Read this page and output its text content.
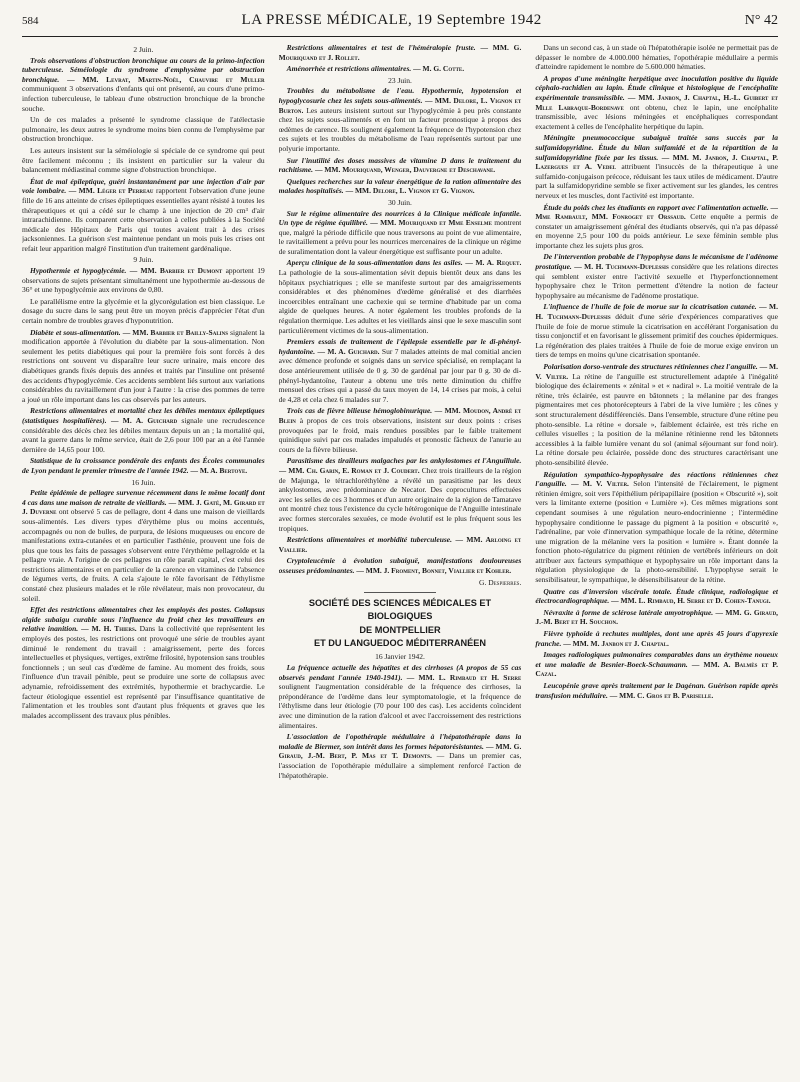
584	LA PRESSE MÉDICALE, 19 Septembre 1942	N° 42
2 Juin.

Trois observations d'obstruction bronchique au cours de la primo-infection tuberculeuse. Séméiologie du syndrome d'emphysème par obstruction bronchique. — MM. Levrat, Martin-Noël, Chauvire et Muller communiquent 3 observations d'enfants qui ont présenté, au cours d'une primo-infection tuberculeuse, le tableau d'une obstruction bronchique de la bronche souche.

Un de ces malades a présenté le syndrome classique de l'atélectasie pulmonaire, les deux autres le syndrome moins bien connu de l'emphysème par obstruction bronchique.

Les auteurs insistent sur la séméiologie si spéciale de ce syndrome qui peut être facilement méconnu ; ils insistent en particulier sur la valeur du balancement médiastinal comme signe d'obstruction bronchique.

État de mal épileptique, guéri instantanément par une injection d'air par voie lombaire. — MM. Léger et Perreau rapportent l'observation d'une jeune fille de 16 ans atteinte de crises épileptiques essentielles ayant résisté à toutes les thérapeutiques et qui a cédé sur le champ à une injection de 20 cm³ d'air intrarachidienne. Ils comparent cette observation à celles publiées à la Société médicale des Hôpitaux de Paris qui toutes avaient trait à des crises jacksoniennes. La guérison s'est maintenue pendant un mois puis les crises ont refait leur apparition malgré l'institution d'un traitement gardénalique.

9 Juin.

Hypothermie et hypoglycémie. — MM. Barbier et Dumont apportent 19 observations de sujets présentant simultanément une hypothermie au-dessous de 36° et une hypoglycémie aux environs de 0,80.

Le parallélisme entre la glycémie et la glycorégulation est bien classique. Le dosage du sucre dans le sang peut être un moyen précis d'apprécier l'état d'un certain nombre de troubles graves d'hyponutrition.

Diabète et sous-alimentation. — MM. Barbier et Bailly-Salins signalent la modification apportée à l'évolution du diabète par la sous-alimentation. Non seulement les petits diabétiques qui pour la première fois sont forcés à des restrictions ont souvent vu disparaître leur sucre urinaire, mais encore des diabétiques grands fixés depuis des années et traités par l'insuline ont présenté des accidents d'hypoglycémie. Ces accidents semblent liés surtout aux variations considérables du ravitaillement d'un jour à l'autre : la crise des pommes de terre a joué un rôle important dans les cas observés par les auteurs.

Restrictions alimentaires et mortalité chez les débiles mentaux épileptiques (statistiques hospitalières). — M. A. Guichard signale une recrudescence considérable des décès chez les débiles mentaux depuis un an ; la mortalité qui, avant la guerre dans le même service, était de 2,6 pour 100 par an a été l'année dernière de 14,65 pour 100.

Statistique de la croissance pondérale des enfants des Écoles communales de Lyon pendant le premier trimestre de l'année 1942. — M. A. Bertoye.

16 Juin.

Petite épidémie de pellagre survenue récemment dans le même locatif dont 4 cas dans une maison de retraite de vieillards. — MM. J. Gaté, M. Girard et J. Duverne ont observé 5 cas de pellagre, dont 4 dans une maison de vieillards sous-alimentés. Les divers types d'érythème plus ou moins accentués, accompagnés ou non de bulles, de purpura, de lésions muqueuses ou encore de manifestations extra-cutanées et en particulier l'asthénie, prouvent une fois de plus que tous les faits de passages s'observent entre l'érythème pellagroïde et la pellagre vraie. A l'origine de ces pellagres un rôle paraît capital, c'est celui des restrictions alimentaires et en particulier de la carence en vitamines de l'absence de légumes verts, de fruits. A cela s'ajoute le rôle favorisant de l'éthylisme constaté chez plusieurs malades et le rôle révélateur, mais non provocateur, du soleil.

Effet des restrictions alimentaires chez les employés des postes. Collapsus algide subaigu curable sous l'influence du froid chez les travailleurs en relative inanition. — M. H. Thiers. Dans la collectivité que représentent les employés des postes, les restrictions ont provoqué une série de troubles ayant diminué le rendement du travail : amaigrissement, perte des forces intellectuelles et physiques, vertiges, extrême frilosité, hypotension sans troubles fonctionnels ; un seul cas d'œdème de famine. Au moment des froids, sous l'influence d'un travail pénible, peut se produire une sorte de collapsus avec adynamie, refroidissement des extrémités, hypothermie et brachycardie. Le facteur étiologique essentiel est représenté par l'insuffisance quantitative de l'alimentation et les troubles sont d'autant plus fréquents et graves que les malades accomplissent des travaux plus pénibles.

Restrictions alimentaires et test de l'héméralopie fruste. — MM. G. Mouriquand et J. Rollet.

Aménorrhée et restrictions alimentaires. — M. G. Cotte.

23 Juin.

Troubles du métabolisme de l'eau. Hypothermie, hypotension et hypoglycosurie chez les sujets sous-alimentés. — MM. Delore, L. Vignon et Burton. Les auteurs insistent surtout sur l'hypoglycémie à peu près constante chez les sujets sous-alimentés et en font un facteur pronostique à propos des œdèmes de carence. Ils soulignent également la fréquence de l'hypotension chez ces sujets et les troubles du métabolisme de l'eau représentés surtout par une polyurie importante.

Sur l'inutilité des doses massives de vitamine D dans le traitement du rachitisme. — MM. Mouriquand, Wenger, Dauvergne et Deschavane.

Quelques recherches sur la valeur énergétique de la ration alimentaire des malades hospitalisés. — MM. Delore, L. Vignon et G. Vignon.

30 Juin.

Sur le régime alimentaire des nourrices à la Clinique médicale infantile. Un type de régime équilibré. — MM. Mouriquand et Mme Enselme montrent que, malgré la période difficile que nous traversons au point de vue alimentaire, le ravitaillement a prévu pour les nourrices mercenaires de la clinique un régime de suralimentation dont la valeur énergétique est suffisante pour un adulte.

Aperçu clinique de la sous-alimentation dans les asiles. — M. A. Requet. La pathologie de la sous-alimentation sévit depuis bientôt deux ans dans les hôpitaux psychiatriques ; elle se manifeste surtout par des amaigrissements considérables et des phénomènes d'œdème généralisé et des diarrhées incoercibles entraînant une cachexie qui se termine d'habitude par un coma algide de quelques heures. A noter également les troubles profonds de la régulation thermique. Les adultes et les vieillards ainsi que le sexe masculin sont particulièrement victimes de la sous-alimentation.

Premiers essais de traitement de l'épilepsie essentielle par le di-phényl-hydantoïne. — M. A. Guichard. Sur 7 malades atteints de mal comitial ancien avec démence profonde et soignés dans un service spécialisé, en remplaçant la dose antérieurement utilisée de 0 g. 30 de gardénal par jour par 0 g. 30 de di-phényl-hydantoïne, l'auteur a obtenu une très nette diminution du chiffre mensuel des crises qui a passé du taux moyen de 14, 14 crises par mois, à celui de 4,28 et cela chez 6 malades sur 7.

Trois cas de fièvre bilieuse hémoglobinurique. — MM. Moudon, André et Blein à propos de ces trois observations, insistent sur deux points : crises provoquées par le froid, mais rendues possibles par le faible traitement quinidique suivi par ces malades impaludés et pronostic fâcheux de l'anurie au cours de la fièvre bilieuse.

Parasitisme des tirailleurs malgaches par les ankylostomes et l'Anguillule. — MM. Ch. Garin, E. Roman et J. Coudert. Chez trois tirailleurs de la région de Majunga, le tétrachloréthylène a révélé un parasitisme par les deux ankylostomes, avec prédominance de Necator. Des coprocultures effectuées avec les selles de ces 3 hommes et d'un autre originaire de la région de Tamatave ont montré chez tous l'existence du cycle hétérogonique de l'Anguille intestinale avec formes stercorales sexuées, ce mode évolutif est le plus fréquent sous les tropiques.

Restrictions alimentaires et morbidité tuberculeuse. — MM. Arloing et Viallier.

Cryptoleucémie à évolution subaiguë, manifestations douloureuses osseuses prédominantes. — MM. J. Froment, Bonnet, Viallier et Kohler.

G. Despierres.
SOCIÉTÉ DES SCIENCES MÉDICALES ET BIOLOGIQUES
DE MONTPELLIER
ET DU LANGUEDOC MÉDITERRANÉEN
16 Janvier 1942.

La fréquence actuelle des hépatites et des cirrhoses (A propos de 55 cas observés pendant l'année 1940-1941). — MM. L. Rimbaud et H. Serre soulignent l'augmentation considérable de la fréquence des cirrhoses, la prépondérance de l'œdème dans leur symptomatologie, et la fréquence de l'éthylisme dans leur étiologie (70 pour 100 des cas). Les accidents coïncident avec une diminution de la ration d'alcool et avec l'accroissement des restrictions alimentaires.

L'association de l'opothérapie médullaire à l'hépatothérapie dans la maladie de Biermer, son intérêt dans les formes hépatorésistantes. — MM. G. Giraud, J.-M. Bert, P. Mas et T. Demonts. — Dans un premier cas, l'association de l'opothérapie médullaire a simplement renforcé l'action de l'hépatothérapie.

Dans un second cas, à un stade où l'hépatothérapie isolée ne permettait pas de dépasser le nombre de 4.000.000 hématies, l'opothérapie médullaire a permis d'atteindre rapidement le nombre de 5.600.000 hématies.

A propos d'une méningite herpétique avec inoculation positive du liquide céphalo-rachidien au lapin. Étude clinique et histologique de l'encéphalite expérimentale transmissible. — MM. Janbon, J. Chaptal, H.-L. Guibert et Mlle Labraque-Bordenave ont obtenu, chez le lapin, une encéphalite transmissible, avec lésions méningées et encéphaliques correspondant exactement à celles de l'encéphalite herpétique du lapin.

Méningite pneumococcique subaiguë traitée sans succès par la sulfamidopyridine. Étude du bilan sulfamidé et de la répartition de la sulfamidopyridine fixée par les tissus. — MM. M. Janbon, J. Chaptal, P. Lazergues et A. Vedel attribuent l'insuccès de la thérapeutique à une sulfamido-conjugaison précoce, réduisant les taux utiles de médicament. D'autre part la sulfamidopyridine semble se fixer activement sur les glandes, les centres nerveux et les muscles, dont l'activité est importante.

Étude du poids chez les étudiants en rapport avec l'alimentation actuelle. — Mme Rambault, MM. Fonroget et Orssaud. Cette enquête a permis de constater un amaigrissement général des étudiants observés, qui n'a pas dépassé en moyenne 2,5 pour 100 du poids antérieur. Le sexe féminin semble plus importante chez les sujets plus gros.

De l'intervention probable de l'hypophyse dans le mécanisme de l'adénome prostatique. — M. H. Tuchmann-Duplessis considère que les relations directes qui semblent exister entre l'activité sexuelle et l'hyperfonctionnement hypophysaire chez le Triton permettent d'étendre la notion de facteur hypophysaire au mécanisme de l'adénome prostatique.

L'influence de l'huile de foie de morue sur la cicatrisation cutanée. — M. H. Tuchmann-Duplessis déduit d'une série d'expériences comparatives que l'huile de foie de morue stimule la cicatrisation en accélérant l'organisation du tissu conjonctif et en favorisant le glissement primitif des couches épidermiques. La régénération des plaies traitées à l'huile de foie de morue exige environ un tiers de temps en moins qu'une cicatrisation spontanée.

Polarisation dorso-ventrale des structures rétiniennes chez l'anguille. — M. V. Vilter. La rétine de l'anguille est structurellement adaptée à l'inégalité biologique des éclairements « zénital » et « nadiral ». La moitié ventrale de la rétine, très éclairée, est pauvre en bâtonnets ; la mélanine par des franges pigmentaires met ces photorécepteurs à l'abri de la vive lumière ; les cônes y sont structuralement désdifférenciés. Dans l'ensemble, structure d'une rétine peu photo-sensible. La rétine « dorsale », faiblement éclairée, est très riche en cellules visuelles ; la position de la mélanine rétinienne rend les bâtonnets accessibles à la faible lumière venant du sol (animal séjournant sur fond noir). La rétine dorsale peu éclairée, possède donc des structures caractérisant une photo-sensibilité élevée.

Régulation sympathico-hypophysaire des réactions rétiniennes chez l'anguille. — M. V. Vilter. Selon l'intensité de l'éclairement, le pigment rétinien émigre, soit vers l'épithélium péripapillaire (position « Obscurité »), soit vers la limitante externe (position « Lumière »). Ces mêmes migrations sont cependant soumises à une régulation neuro-endocrinienne ; l'intermédine hypophysaire conditionne le passage du pigment à la position « obscurité », l'adrénaline, par voie d'innervation sympathique locale de la rétine, détermine une migration de la mélanine vers la position « lumière ». Étant donnée la fonction photo-régulatrice du pigment rétinien de vertébrés inférieurs on doit attribuer aux facteurs sympathique et hypophysaire un rôle important dans la régulation physiologique de la photo-sensibilité. L'hypophyse serait le sensibilisateur, le sympathique, le désensibilisateur de la rétine.

Quatre cas d'inversion viscérale totale. Étude clinique, radiologique et électrocardiographique. — MM. L. Rimbaud, H. Serre et D. Cohen-Tanugi.

Névraxite à forme de sclérose latérale amyotrophique. — MM. G. Giraud, J.-M. Bert et H. Souchon.

Fièvre typhoïde à rechutes multiples, dont une après 45 jours d'apyrexie franche. — MM. M. Janbon et J. Chaptal.

Images radiologiques pulmonaires comparables dans un érythème noueux et une maladie de Besnier-Boeck-Schaumann. — MM. A. Balmès et P. Cazal.

Leucopénie grave après traitement par le Dagénan. Guérison rapide après transfusion médullaire. — MM. C. Gros et B. Pariselle.
